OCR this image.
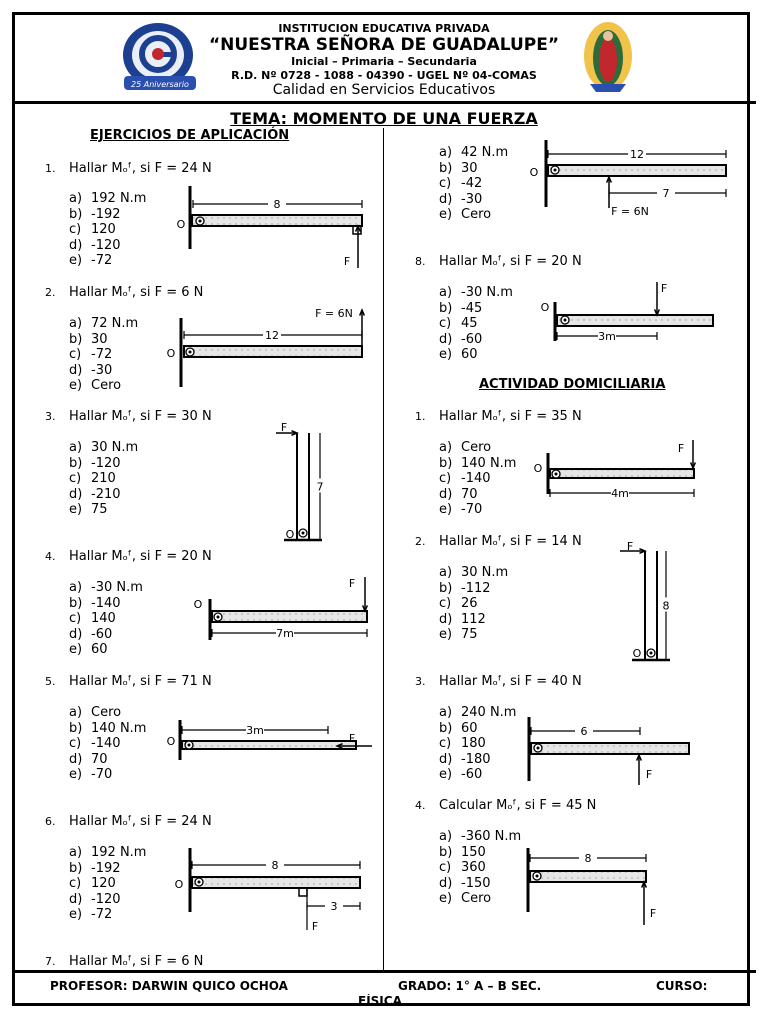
25 Aniversario
INSTITUCION EDUCATIVA PRIVADA
“NUESTRA SEÑORA DE GUADALUPE”
Inicial – Primaria – Secundaria
R.D. Nº 0728 - 1088 - 04390 - UGEL Nº 04-COMAS
Calidad en Servicios Educativos
TEMA: MOMENTO DE UNA FUERZA
EJERCICIOS DE APLICACIÓN
ACTIVIDAD DOMICILIARIA
1. Hallar Mₒᶠ, si F = 24 N
a) 192 N.m
b) -192
c) 120
d) -120
e) -72
2. Hallar Mₒᶠ, si F = 6 N
a) 72 N.m
b) 30
c) -72
d) -30
e) Cero
3. Hallar Mₒᶠ, si F = 30 N
a) 30 N.m
b) -120
c) 210
d) -210
e) 75
4. Hallar Mₒᶠ, si F = 20 N
a) -30 N.m
b) -140
c) 140
d) -60
e) 60
5. Hallar Mₒᶠ, si F = 71 N
a) Cero
b) 140 N.m
c) -140
d) 70
e) -70
6. Hallar Mₒᶠ, si F = 24 N
a) 192 N.m
b) -192
c) 120
d) -120
e) -72
7. Hallar Mₒᶠ, si F = 6 N
a) 42 N.m
b) 30
c) -42
d) -30
e) Cero
8. Hallar Mₒᶠ, si F = 20 N
a) -30 N.m
b) -45
c) 45
d) -60
e) 60
1. Hallar Mₒᶠ, si F = 35 N
a) Cero
b) 140 N.m
c) -140
d) 70
e) -70
2. Hallar Mₒᶠ, si F = 14 N
a) 30 N.m
b) -112
c) 26
d) 112
e) 75
3. Hallar Mₒᶠ, si F = 40 N
a) 240 N.m
b) 60
c) 180
d) -180
e) -60
4. Calcular Mₒᶠ, si F = 45 N
a) -360 N.m
b) 150
c) 360
d) -150
e) Cero
O
8
F
O
12
F = 6N
O
F
7
O
7m
F
O
3m
F
O
8
3
F
O
12
7
F = 6N
O
3m
F
O
4m
F
O
F
8
6
F
8
F
PROFESOR: DARWIN QUICO OCHOA	GRADO: 1° A – B SEC.	CURSO:
FÍSICA
